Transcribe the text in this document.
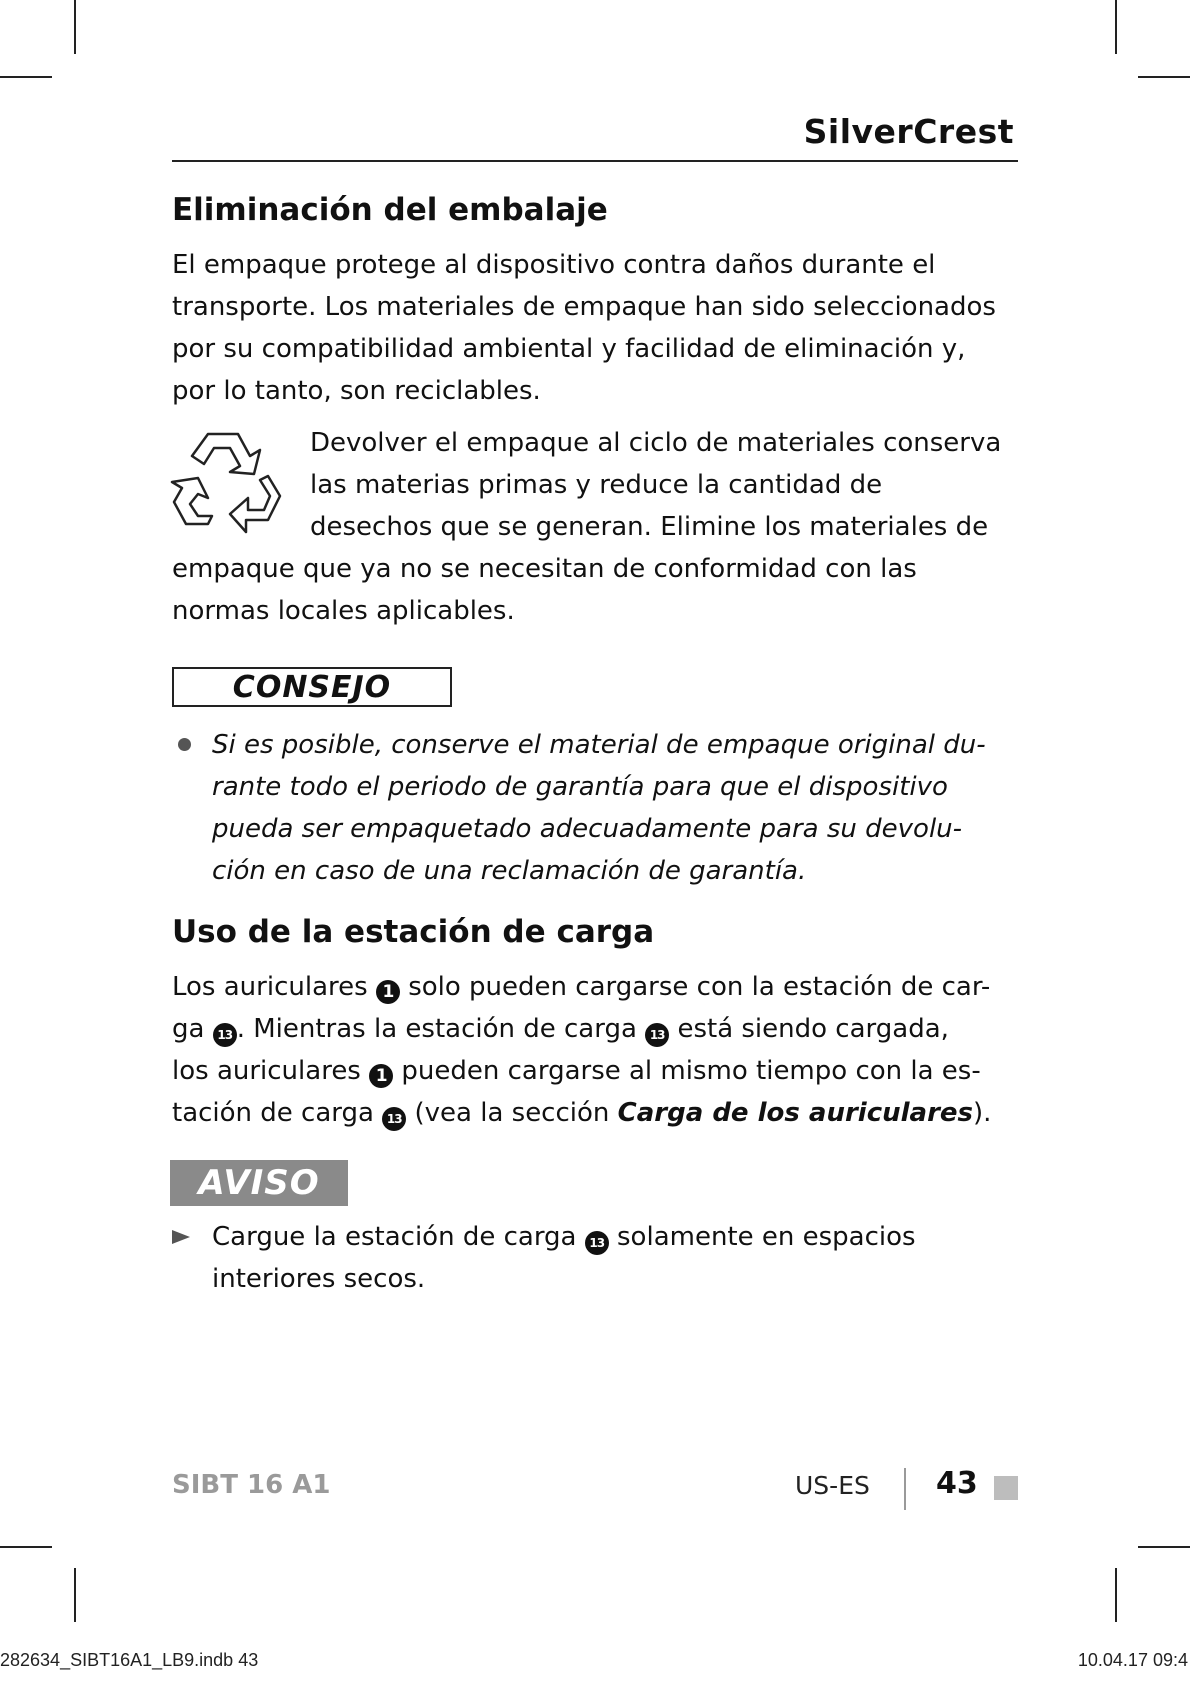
SilverCrest
Eliminación del embalaje

El empaque protege al dispositivo contra daños durante el
transporte. Los materiales de empaque han sido seleccionados
por su compatibilidad ambiental y facilidad de eliminación y,
por lo tanto, son reciclables.

Devolver el empaque al ciclo de materiales conserva
las materias primas y reduce la cantidad de
desechos que se generan. Elimine los materiales de

empaque que ya no se necesitan de conformidad con las
normas locales aplicables.

CONSEJO

Si es posible, conserve el material de empaque original du-
rante todo el periodo de garantía para que el dispositivo
pueda ser empaquetado adecuadamente para su devolu-
ción en caso de una reclamación de garantía.

Uso de la estación de carga

Los auriculares 1 solo pueden cargarse con la estación de car-
ga 13 . Mientras la estación de carga 13 está siendo cargada,
los auriculares 1 pueden cargarse al mismo tiempo con la es-
tación de carga 13 (vea la sección Carga de los auriculares).

AVISO

Cargue la estación de carga 13 solamente en espacios
interiores secos.

SIBT 16 A1	US-ES 43
282634_SIBT16A1_LB9.indb 43	10.04.17 09:4
